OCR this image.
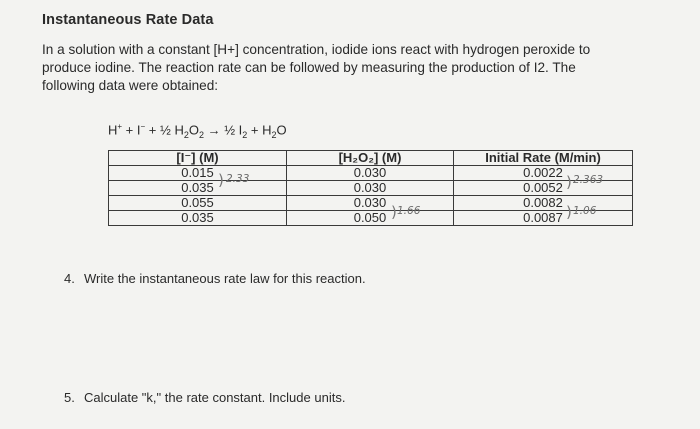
Instantaneous Rate Data
In a solution with a constant [H+] concentration, iodide ions react with hydrogen peroxide to
produce iodine. The reaction rate can be followed by measuring the production of I2. The
following data were obtained:
H+ + I− + ½ $H_2O_2$ → ½ $I_2 + H_2O$
[I⁻] (M)	[H₂O₂] (M)	Initial Rate (M/min)
0.015	0.030	0.0022
0.035	0.030	0.0052
0.055	0.030	0.0082
0.035	0.050	0.0087
) 2.33
) 1.66
) 2.363
) 1.06
4. Write the instantaneous rate law for this reaction.
5. Calculate "k," the rate constant. Include units.
